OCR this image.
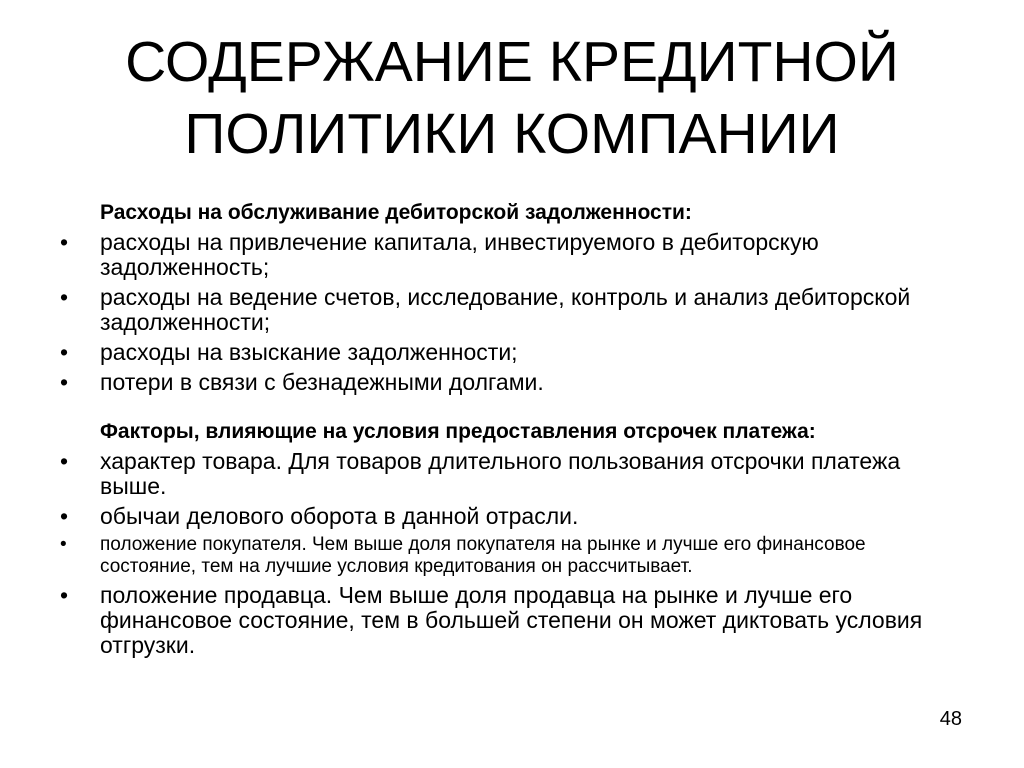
СОДЕРЖАНИЕ КРЕДИТНОЙ
ПОЛИТИКИ КОМПАНИИ

Расходы на обслуживание дебиторской задолженности:

• расходы на привлечение капитала, инвестируемого в дебиторскую задолженность;
• расходы на ведение счетов, исследование, контроль и анализ дебиторской задолженности;
• расходы на взыскание задолженности;
• потери в связи с безнадежными долгами.

Факторы, влияющие на условия предоставления отсрочек платежа:

• характер товара. Для товаров длительного пользования отсрочки платежа выше.
• обычаи делового оборота в данной отрасли.
• положение покупателя. Чем выше доля покупателя на рынке и лучше его финансовое состояние, тем на лучшие условия кредитования он рассчитывает.
• положение продавца. Чем выше доля продавца на рынке и лучше его финансовое состояние, тем в большей степени он может диктовать условия отгрузки.
48
